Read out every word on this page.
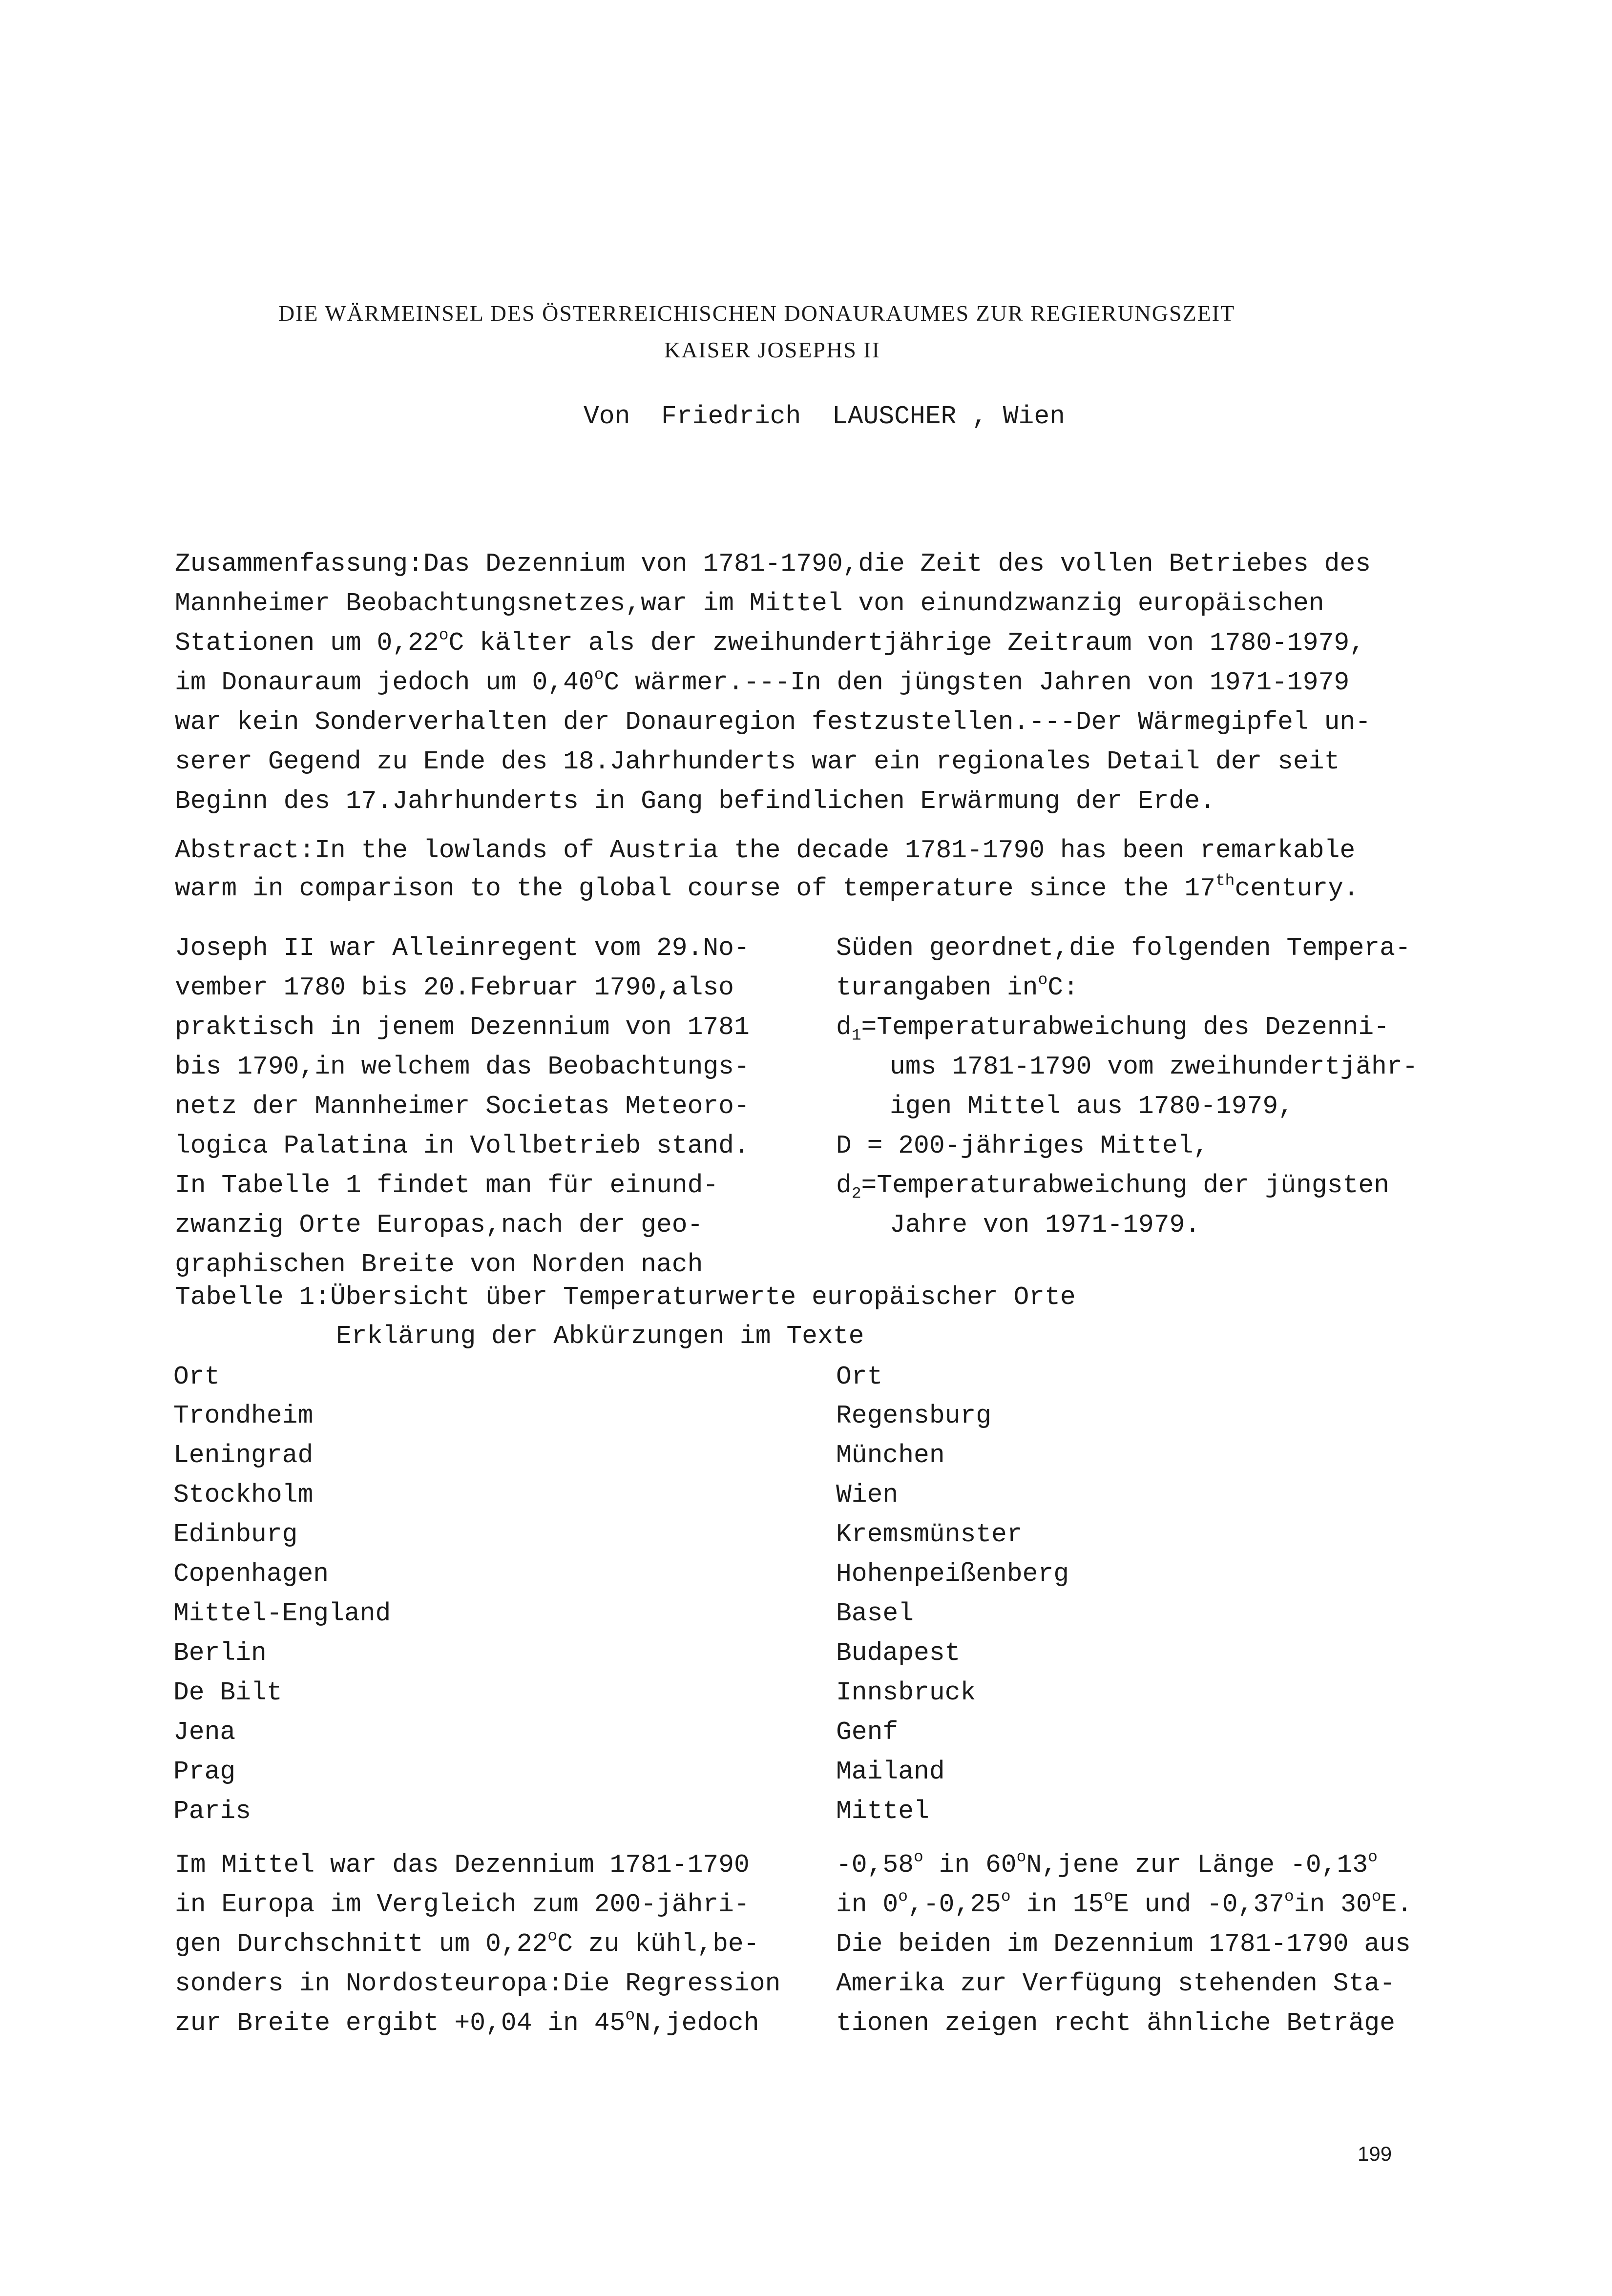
DIE WÄRMEINSEL DES ÖSTERREICHISCHEN DONAURAUMES ZUR REGIERUNGSZEIT
KAISER JOSEPHS II
Von  Friedrich  LAUSCHER , Wien
Zusammenfassung:Das Dezennium von 1781-1790,die Zeit des vollen Betriebes des
Mannheimer Beobachtungsnetzes,war im Mittel von einundzwanzig europäischen
Stationen um 0,22$^o$C kälter als der zweihundertjährige Zeitraum von 1780-1979,
im Donauraum jedoch um 0,40$^o$C wärmer.---In den jüngsten Jahren von 1971-1979
war kein Sonderverhalten der Donauregion festzustellen.---Der Wärmegipfel un-
serer Gegend zu Ende des 18.Jahrhunderts war ein regionales Detail der seit
Beginn des 17.Jahrhunderts in Gang befindlichen Erwärmung der Erde.
Abstract:In the lowlands of Austria the decade 1781-1790 has been remarkable
warm in comparison to the global course of temperature since the 17thcentury.
Joseph II war Alleinregent vom 29.No-
vember 1780 bis 20.Februar 1790,also
praktisch in jenem Dezennium von 1781
bis 1790,in welchem das Beobachtungs-
netz der Mannheimer Societas Meteoro-
logica Palatina in Vollbetrieb stand.
In Tabelle 1 findet man für einund-
zwanzig Orte Europas,nach der geo-
graphischen Breite von Norden nach
Süden geordnet,die folgenden Tempera-
turangaben $in^oC$:
$d_1=Temperaturabweichung$ des Dezenni-
ums 1781-1790 vom zweihundertjähr-
igen Mittel aus 1780-1979,
D = 200-jähriges Mittel,
$d_2=Temperaturabweichung$ der jüngsten
Jahre von 1971-1979.
Tabelle 1:Übersicht über Temperaturwerte europäischer Orte
Erklärung der Abkürzungen im Texte
Ort
Trondheim
Leningrad
Stockholm
Edinburg
Copenhagen
Mittel-England
Berlin
De Bilt
Jena
Prag
Paris
Ort
Regensburg
München
Wien
Kremsmünster
Hohenpeißenberg
Basel
Budapest
Innsbruck
Genf
Mailand
Mittel
Im Mittel war das Dezennium 1781-1790
in Europa im Vergleich zum 200-jähri-
gen Durchschnitt um 0,22$^o$C zu kühl,be-
sonders in Nordosteuropa:Die Regression
zur Breite ergibt +0,04 in 45$^o$N,jedoch
-0,58$^o$ in 60$^o$N,jene zur Länge -0,13$^o$
in 0$^o$,-0,25$^o$ in 15$^o$E und -0,37$^o$in 30$^o$E.
Die beiden im Dezennium 1781-1790 aus
Amerika zur Verfügung stehenden Sta-
tionen zeigen recht ähnliche Beträge
199
